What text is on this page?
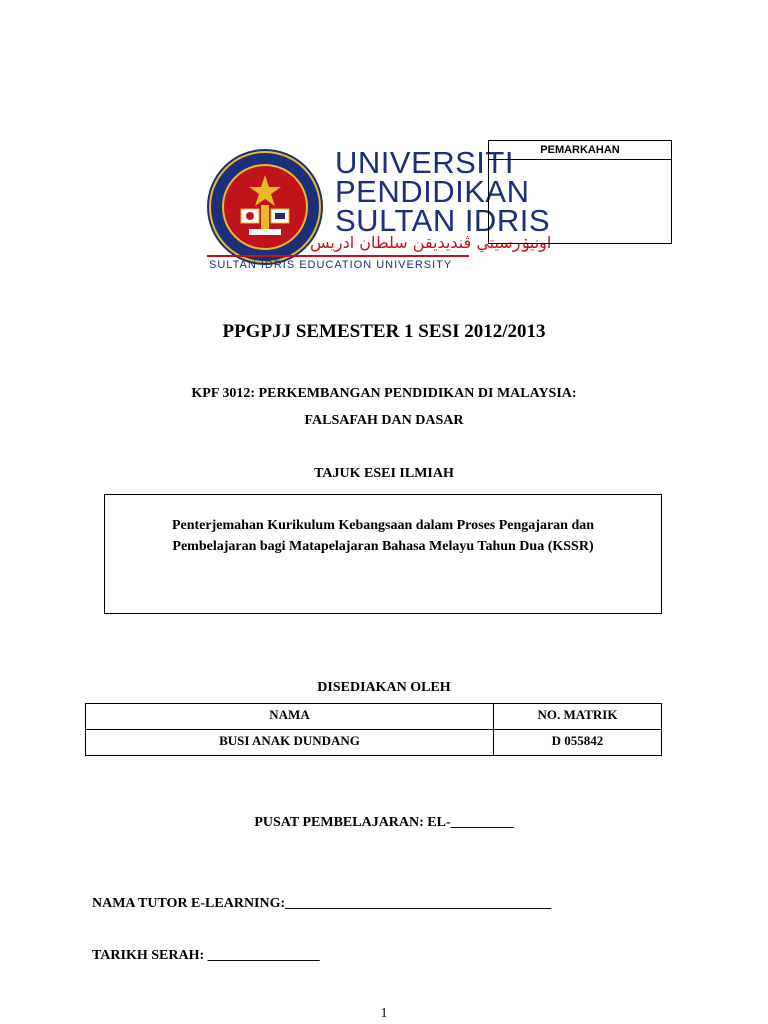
UNIVERSITI
PENDIDIKAN
SULTAN IDRIS
اونيۏرسيتي ڤنديديقن سلطان ادريس
SULTAN IDRIS EDUCATION UNIVERSITY
PEMARKAHAN
PPGPJJ SEMESTER 1 SESI 2012/2013
KPF 3012: PERKEMBANGAN PENDIDIKAN DI MALAYSIA:
FALSAFAH DAN DASAR
TAJUK ESEI ILMIAH
Penterjemahan Kurikulum Kebangsaan dalam Proses Pengajaran dan
Pembelajaran bagi Matapelajaran Bahasa Melayu Tahun Dua (KSSR)
DISEDIAKAN OLEH
NAMA	NO. MATRIK
BUSI ANAK DUNDANG	D 055842
PUSAT PEMBELAJARAN: EL-_________
NAMA TUTOR E-LEARNING:______________________________________
TARIKH SERAH: ________________
1
